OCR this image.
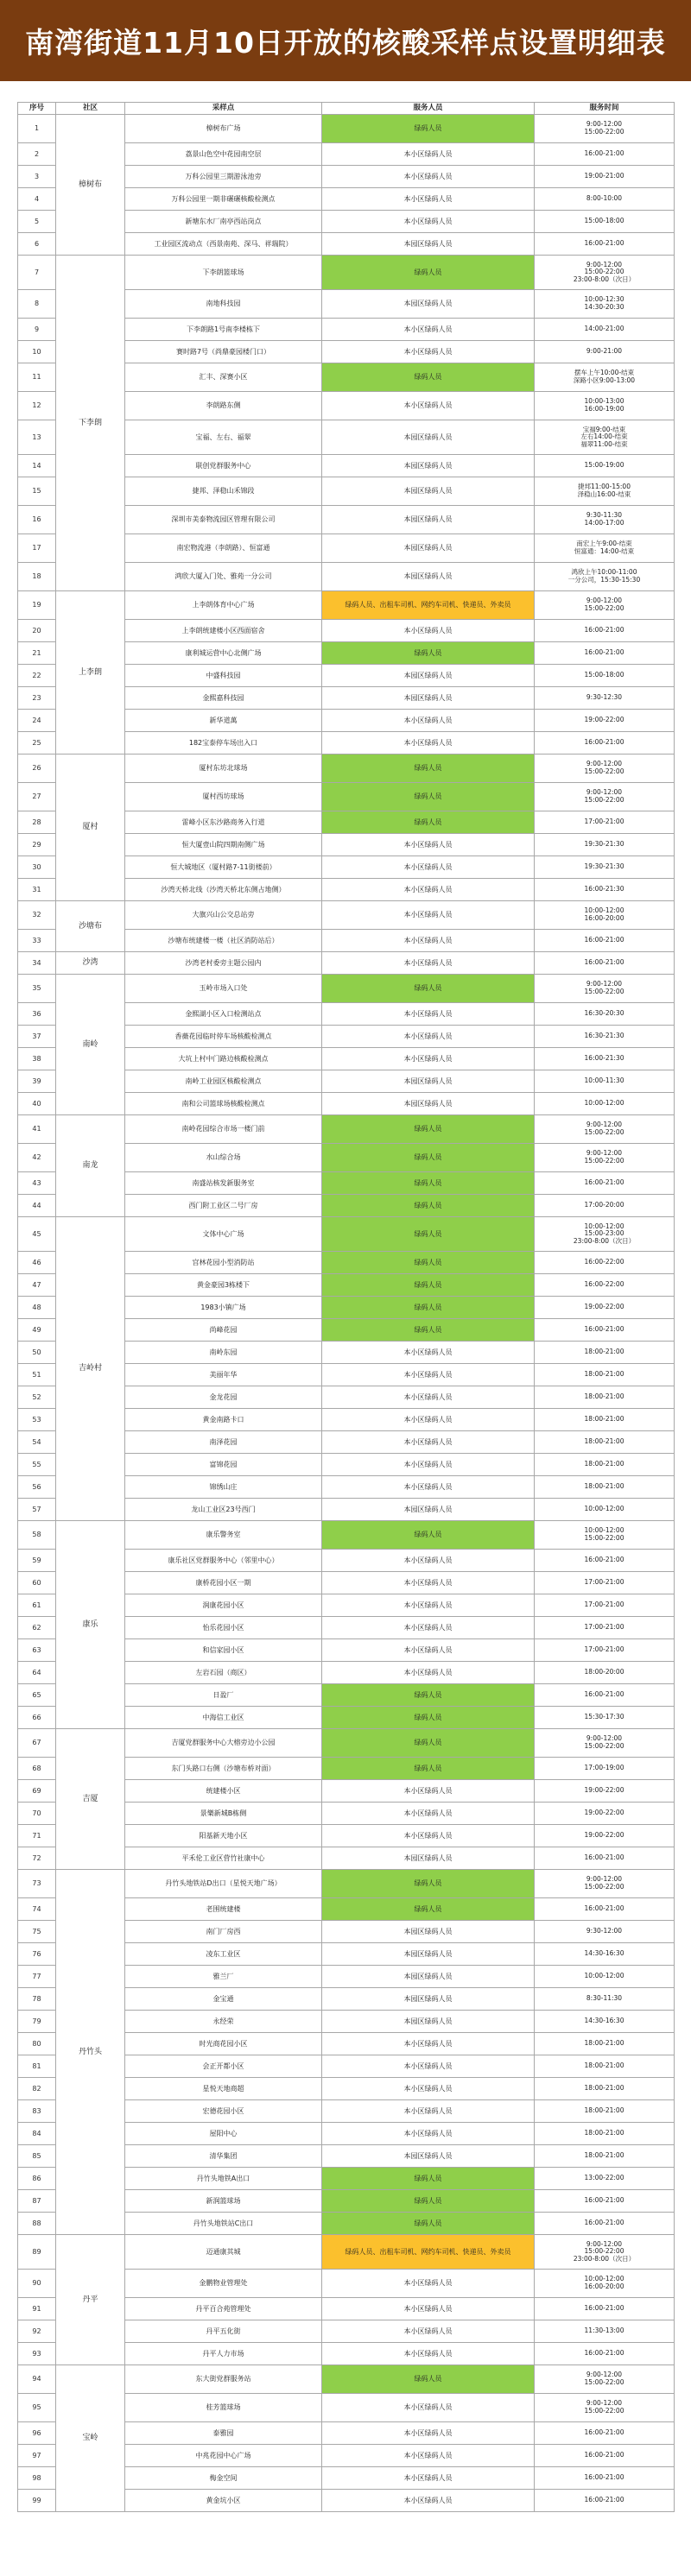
南湾街道11月10日开放的核酸采样点设置明细表
序号	社区	采样点	服务人员	服务时间
1	樟树布	樟树布广场	绿码人员	9:00-12:00
15:00-22:00
2		荔景山色空中花园南空层	本小区绿码人员	16:00-21:00
3		万科公园里三期游泳池旁	本小区绿码人员	19:00-21:00
4		万科公园里一期非碾碾核酸检测点	本小区绿码人员	8:00-10:00
5		新塘东水厂南亭西站岗点	本小区绿码人员	15:00-18:00
6		工业园区流动点（西景南苑、深马、祥瑞院）	本园区绿码人员	16:00-21:00
7	下李朗	下李朗篮球场	绿码人员	9:00-12:00
15:00-22:00
23:00-8:00（次日）
8		南地科技园	本园区绿码人员	10:00-12:30
14:30-20:30
9		下李朗路1号南李楼栋下	本小区绿码人员	14:00-21:00
10		赛时路7号（尚鼎豪园楼门口）	本小区绿码人员	9:00-21:00
11		汇丰、深赛小区	绿码人员	摆车上午10:00-结束
深路小区9:00-13:00
12		李朗路东侧	本小区绿码人员	10:00-13:00
16:00-19:00
13		宝福、左右、福翠	本园区绿码人员	宝福9:00-结束
左右14:00-结束
福翠11:00-结束
14		联创党群服务中心	本园区绿码人员	15:00-19:00
15		捷邦、泽稳山禾锦段	本园区绿码人员	捷邦11:00-15:00
泽稳山16:00-结束
16		深圳市美泰物流园区管理有限公司	本园区绿码人员	9:30-11:30
14:00-17:00
17		南宏物流港（李朗路）、恒富通	本园区绿码人员	南宏上午9:00-结束
恒富通：14:00-结束
18		鸿欣大厦入门处、雅苑一分公司	本园区绿码人员	鸿欣上午10:00-11:00
一分公司，15:30-15:30
19	上李朗	上李朗体育中心广场	绿码人员、出租车司机、网约车司机、快递员、外卖员	9:00-12:00
15:00-22:00
20		上李朗统建楼小区西面宿舍	本小区绿码人员	16:00-21:00
21		康利城运营中心北侧广场	绿码人员	16:00-21:00
22		中盛科技园	本园区绿码人员	15:00-18:00
23		金熙嘉科技园	本园区绿码人员	9:30-12:30
24		新华道萬	本小区绿码人员	19:00-22:00
25		182宝泰停车场出入口	本小区绿码人员	16:00-21:00
26	厦村	厦村东坊北球场	绿码人员	9:00-12:00
15:00-22:00
27		厦村西坊球场	绿码人员	9:00-12:00
15:00-22:00
28		雷峰小区东沙路商务入行道	绿码人员	17:00-21:00
29		恒大厦壹山院四期南侧广场	本小区绿码人员	19:30-21:30
30		恒大城地区（厦村路7-11街楼前）	本小区绿码人员	19:30-21:30
31		沙湾天桥北线（沙湾天桥北东侧占地侧）	本小区绿码人员	16:00-21:30
32	沙塘布	大旗兴山公交总站旁	本小区绿码人员	10:00-12:00
16:00-20:00
33		沙塘布统建楼一楼（社区消防站后）	本小区绿码人员	16:00-21:00
34	沙湾	沙湾老村委旁主题公园内	本小区绿码人员	16:00-21:00
35	南岭	玉岭市场入口处	绿码人员	9:00-12:00
15:00-22:00
36		金熙湖小区入口检测站点	本小区绿码人员	16:30-20:30
37		香薇花园临时停车场核酸检测点	本小区绿码人员	16:30-21:30
38		大坑上村中门路边核酸检测点	本小区绿码人员	16:00-21:30
39		南岭工业园区核酸检测点	本园区绿码人员	10:00-11:30
40		南和公司篮球场核酸检测点	本园区绿码人员	10:00-12:00
41	南龙	南岭花园综合市场一楼门前	绿码人员	9:00-12:00
15:00-22:00
42		水山综合场	绿码人员	9:00-12:00
15:00-22:00
43		南盛站核发新服务室	绿码人员	16:00-21:00
44		西门附工业区二号厂房	绿码人员	17:00-20:00
45	吉岭村	文体中心广场	绿码人员	10:00-12:00
15:00-23:00
23:00-8:00（次日）
46		宫林花园小型消防站	绿码人员	16:00-22:00
47		黄金豪园3栋楼下	绿码人员	16:00-22:00
48		1983小镇广场	绿码人员	19:00-22:00
49		尚峰花园	绿码人员	16:00-21:00
50		南岭东园	本小区绿码人员	18:00-21:00
51		美丽年华	本小区绿码人员	18:00-21:00
52		金龙花园	本小区绿码人员	18:00-21:00
53		黄金南路卡口	本小区绿码人员	18:00-21:00
54		南泽花园	本小区绿码人员	18:00-21:00
55		富锦花园	本小区绿码人员	18:00-21:00
56		锦绣山庄	本小区绿码人员	18:00-21:00
57		龙山工业区23号西门	本园区绿码人员	10:00-12:00
58	康乐	康乐警务室	绿码人员	10:00-12:00
15:00-22:00
59		康乐社区党群服务中心（邻里中心）	本小区绿码人员	16:00-21:00
60		康桥花园小区一期	本小区绿码人员	17:00-21:00
61		润康花园小区	本小区绿码人员	17:00-21:00
62		怡乐花园小区	本小区绿码人员	17:00-21:00
63		和信家园小区	本小区绿码人员	17:00-21:00
64		左岩石园（商区）	本小区绿码人员	18:00-20:00
65		日盈厂	绿码人员	16:00-21:00
66		中海信工业区	绿码人员	15:30-17:30
67	吉厦	吉厦党群服务中心大榕旁边小公园	绿码人员	9:00-12:00
15:00-22:00
68		东门头路口右侧（沙塘布桥对面）	绿码人员	17:00-19:00
69		统建楼小区	本小区绿码人员	19:00-22:00
70		景樂新城B栋侧	本小区绿码人员	19:00-22:00
71		阳基新天地小区	本小区绿码人员	19:00-22:00
72		平禾伦工业区营竹社康中心	本园区绿码人员	16:00-21:00
73	丹竹头	丹竹头地铁站D出口（星悦天地广场）	绿码人员	9:00-12:00
15:00-22:00
74		老围统建楼	绿码人员	16:00-21:00
75		南门厂房西	本园区绿码人员	9:30-12:00
76		凌东工业区	本园区绿码人员	14:30-16:30
77		雅兰厂	本园区绿码人员	10:00-12:00
78		金宝通	本园区绿码人员	8:30-11:30
79		永经荣	本园区绿码人员	14:30-16:30
80		时光商花园小区	本小区绿码人员	18:00-21:00
81		会正开都小区	本小区绿码人员	18:00-21:00
82		星悦天地商超	本小区绿码人员	18:00-21:00
83		宏德花园小区	本小区绿码人员	18:00-21:00
84		屋阳中心	本小区绿码人员	18:00-21:00
85		清华集团	本园区绿码人员	18:00-21:00
86		丹竹头地铁A出口	绿码人员	13:00-22:00
87		新润篮球场	绿码人员	16:00-21:00
88		丹竹头地铁站C出口	绿码人员	16:00-21:00
89	丹平	迈通康其城	绿码人员、出租车司机、网约车司机、快递员、外卖员	9:00-12:00
15:00-22:00
23:00-8:00（次日）
90		金鹏物业管理处	本小区绿码人员	10:00-12:00
16:00-20:00
91		丹平百合苑管理处	本小区绿码人员	16:00-21:00
92		丹平五化街	本小区绿码人员	11:30-13:00
93		丹平人力市场	本小区绿码人员	16:00-21:00
94	宝岭	东大街党群服务站	绿码人员	9:00-12:00
15:00-22:00
95		桂芳篮球场	本小区绿码人员	9:00-12:00
15:00-22:00
96		泰雅园	本小区绿码人员	16:00-21:00
97		中兆花园中心广场	本小区绿码人员	16:00-21:00
98		梅金空间	本小区绿码人员	16:00-21:00
99		黄金坑小区	本小区绿码人员	16:00-21:00
